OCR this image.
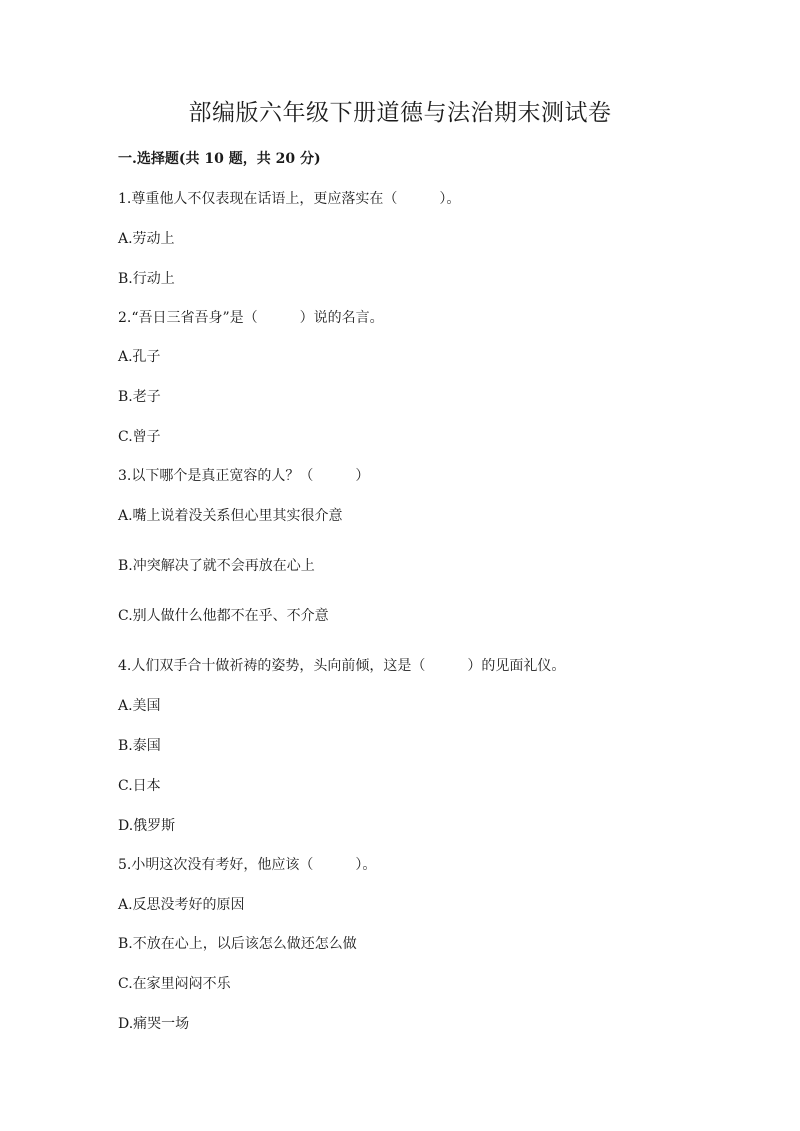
部编版六年级下册道德与法治期末测试卷

一.选择题(共 10 题，共 20 分)

1.尊重他人不仅表现在话语上，更应落实在（　　　）。

A.劳动上

B.行动上

2.“吾日三省吾身”是（　　　）说的名言。

A.孔子

B.老子

C.曾子

3.以下哪个是真正宽容的人？（　　　）

A.嘴上说着没关系但心里其实很介意

B.冲突解决了就不会再放在心上

C.别人做什么他都不在乎、不介意

4.人们双手合十做祈祷的姿势，头向前倾，这是（　　　）的见面礼仪。

A.美国

B.泰国

C.日本

D.俄罗斯

5.小明这次没有考好，他应该（　　　）。

A.反思没考好的原因

B.不放在心上，以后该怎么做还怎么做

C.在家里闷闷不乐

D.痛哭一场
